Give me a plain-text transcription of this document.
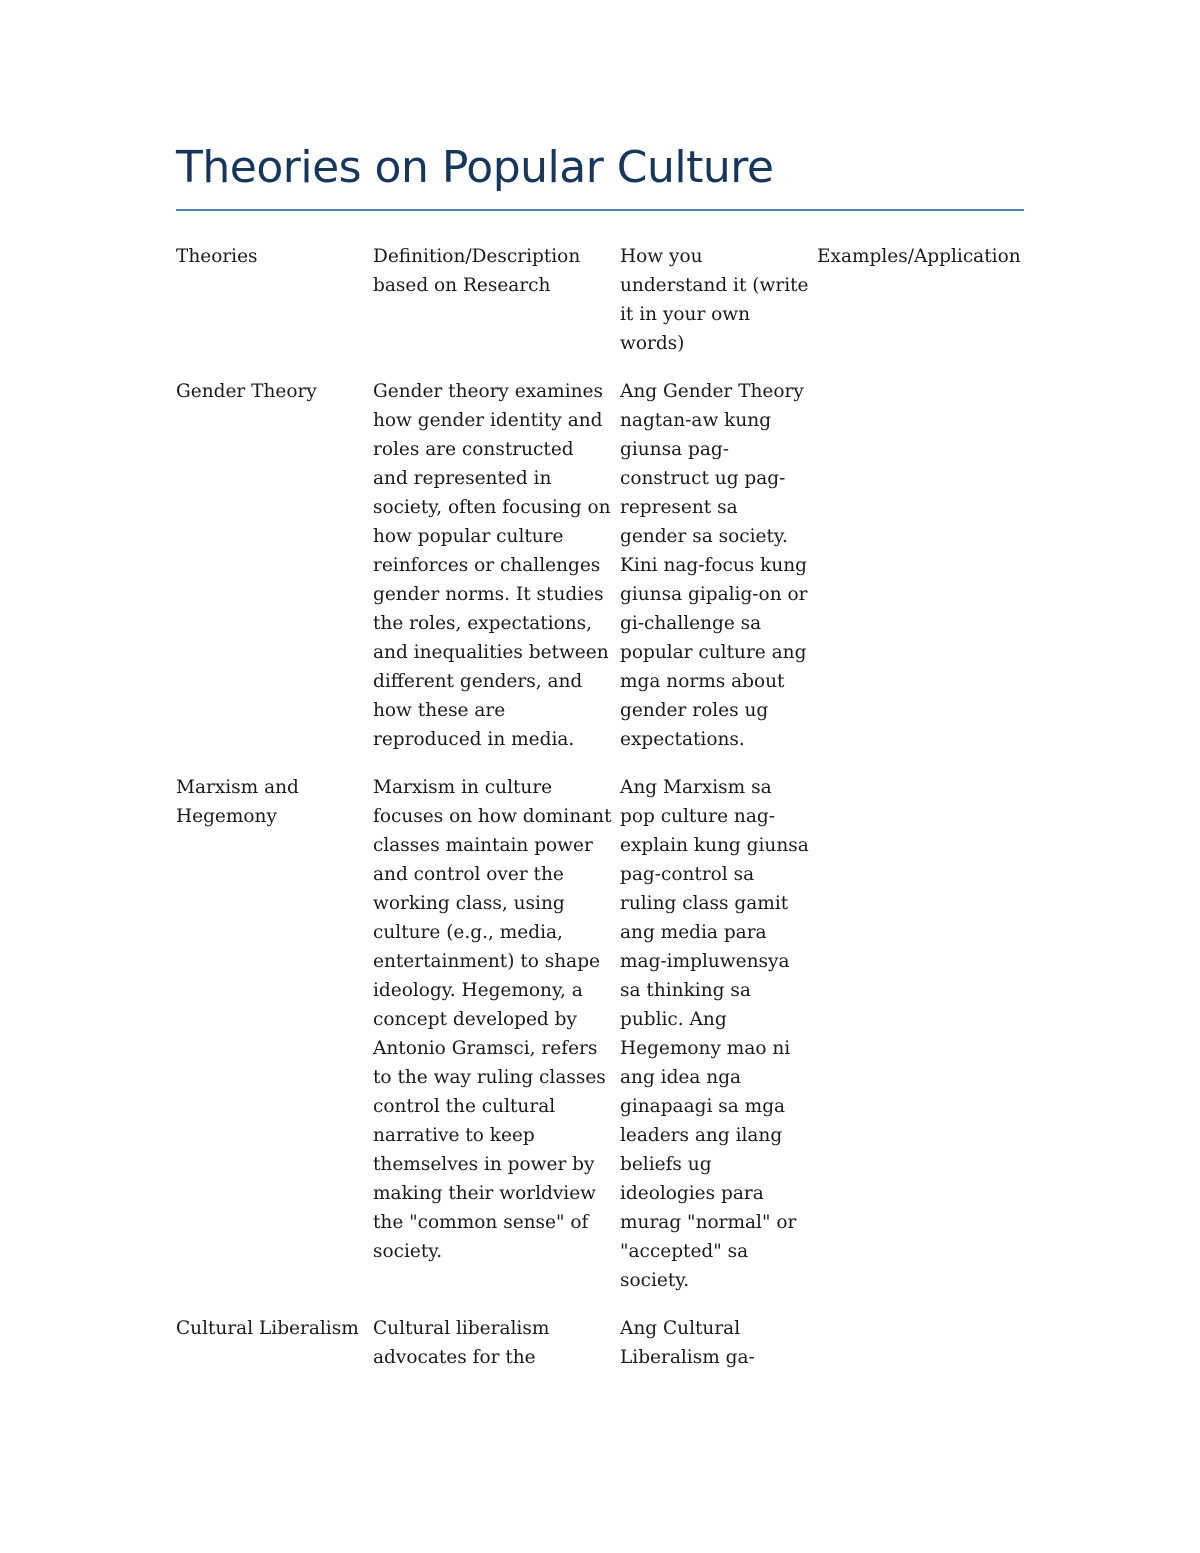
Theories on Popular Culture
Theories	Definition/Description based on Research
How you understand it (write it in your own words)
Examples/Application
Gender Theory	Gender theory examines how gender identity and roles are constructed and represented in society, often focusing on how popular culture reinforces or challenges gender norms. It studies the roles, expectations, and inequalities between different genders, and how these are reproduced in media.
Ang Gender Theory nagtan-aw kung giunsa pag-construct ug pag-represent sa gender sa society. Kini nag-focus kung giunsa gipalig-on or gi-challenge sa popular culture ang mga norms about gender roles ug expectations.
Marxism and Hegemony
Marxism in culture focuses on how dominant classes maintain power and control over the working class, using culture (e.g., media, entertainment) to shape ideology. Hegemony, a concept developed by Antonio Gramsci, refers to the way ruling classes control the cultural narrative to keep themselves in power by making their worldview the "common sense" of society.
Ang Marxism sa pop culture nag-explain kung giunsa pag-control sa ruling class gamit ang media para mag-impluwensya sa thinking sa public. Ang Hegemony mao ni ang idea nga ginapaagi sa mga leaders ang ilang beliefs ug ideologies para murag "normal" or "accepted" sa society.
Cultural Liberalism Cultural liberalism advocates for the
Ang Cultural Liberalism ga-
